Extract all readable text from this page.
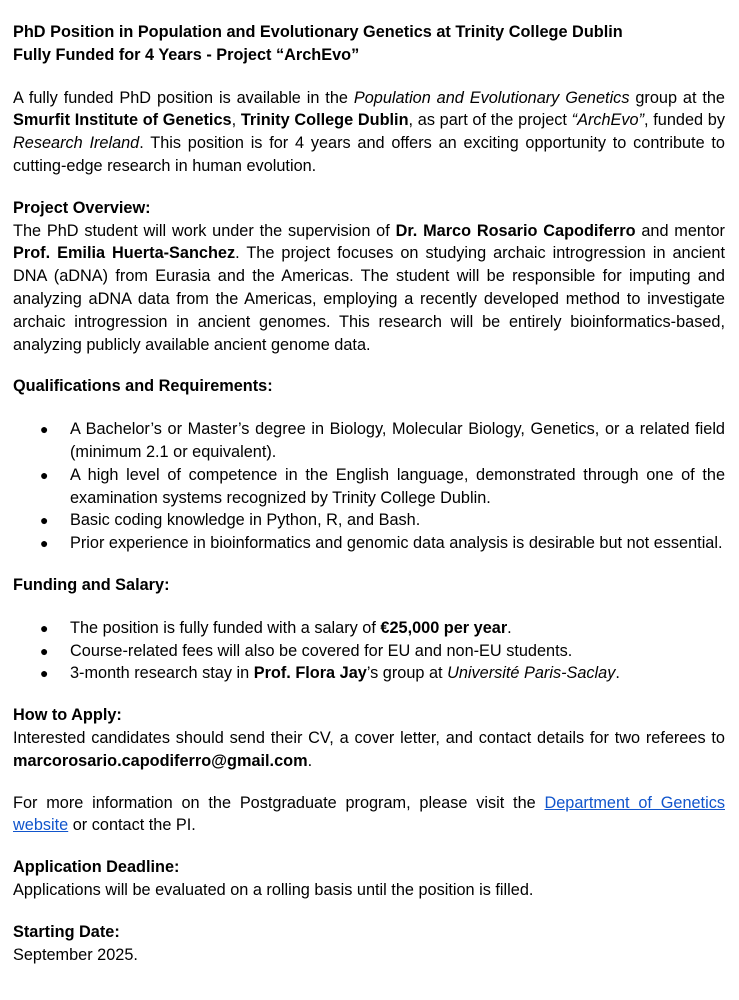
PhD Position in Population and Evolutionary Genetics at Trinity College Dublin
Fully Funded for 4 Years - Project “ArchEvo”

A fully funded PhD position is available in the Population and Evolutionary Genetics group at the Smurfit Institute of Genetics, Trinity College Dublin, as part of the project “ArchEvo”, funded by Research Ireland. This position is for 4 years and offers an exciting opportunity to contribute to cutting-edge research in human evolution.

Project Overview:

The PhD student will work under the supervision of Dr. Marco Rosario Capodiferro and mentor Prof. Emilia Huerta-Sanchez. The project focuses on studying archaic introgression in ancient DNA (aDNA) from Eurasia and the Americas. The student will be responsible for imputing and analyzing aDNA data from the Americas, employing a recently developed method to investigate archaic introgression in ancient genomes. This research will be entirely bioinformatics-based, analyzing publicly available ancient genome data.

Qualifications and Requirements:
● A Bachelor’s or Master’s degree in Biology, Molecular Biology, Genetics, or a related field (minimum 2.1 or equivalent).
● A high level of competence in the English language, demonstrated through one of the examination systems recognized by Trinity College Dublin.
● Basic coding knowledge in Python, R, and Bash.
● Prior experience in bioinformatics and genomic data analysis is desirable but not essential.
Funding and Salary:
● The position is fully funded with a salary of €25,000 per year.
● Course-related fees will also be covered for EU and non-EU students.
● 3-month research stay in Prof. Flora Jay’s group at Université Paris-Saclay.
How to Apply:

Interested candidates should send their CV, a cover letter, and contact details for two referees to marcorosario.capodiferro@gmail.com.

For more information on the Postgraduate program, please visit the Department of Genetics website or contact the PI.

Application Deadline:

Applications will be evaluated on a rolling basis until the position is filled.

Starting Date:

September 2025.
